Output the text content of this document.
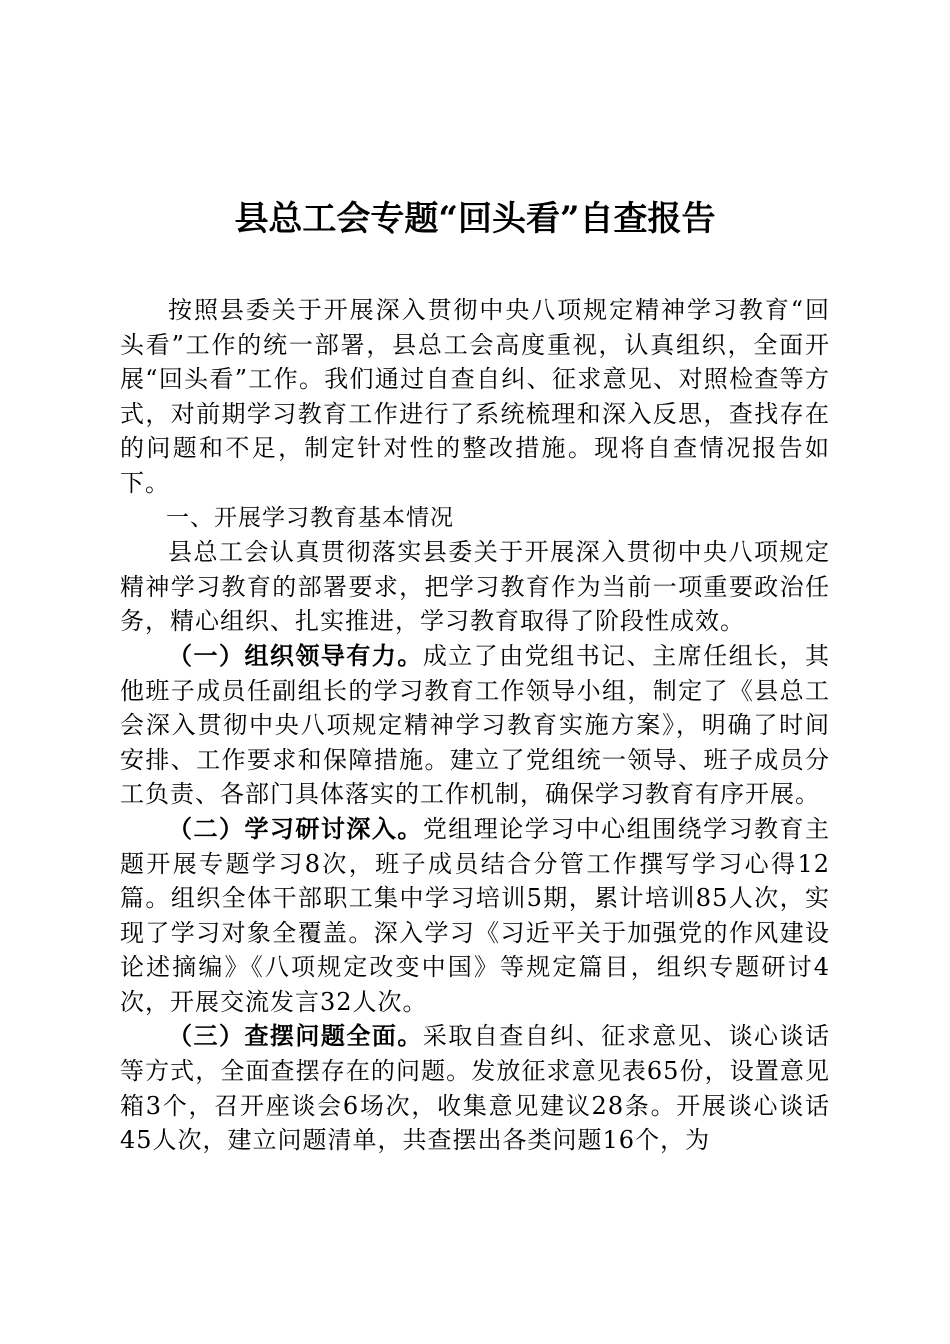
县总工会专题“回头看”自查报告

按照县委关于开展深入贯彻中央八项规定精神学习教育“回头看”工作的统一部署，县总工会高度重视，认真组织，全面开展“回头看”工作。我们通过自查自纠、征求意见、对照检查等方式，对前期学习教育工作进行了系统梳理和深入反思，查找存在的问题和不足，制定针对性的整改措施。现将自查情况报告如下。

一、开展学习教育基本情况

县总工会认真贯彻落实县委关于开展深入贯彻中央八项规定精神学习教育的部署要求，把学习教育作为当前一项重要政治任务，精心组织、扎实推进，学习教育取得了阶段性成效。

（一）组织领导有力。成立了由党组书记、主席任组长，其他班子成员任副组长的学习教育工作领导小组，制定了《县总工会深入贯彻中央八项规定精神学习教育实施方案》，明确了时间安排、工作要求和保障措施。建立了党组统一领导、班子成员分工负责、各部门具体落实的工作机制，确保学习教育有序开展。

（二）学习研讨深入。党组理论学习中心组围绕学习教育主题开展专题学习8次，班子成员结合分管工作撰写学习心得12篇。组织全体干部职工集中学习培训5期，累计培训85人次，实现了学习对象全覆盖。深入学习《习近平关于加强党的作风建设论述摘编》《八项规定改变中国》等规定篇目，组织专题研讨4次，开展交流发言32人次。

（三）查摆问题全面。采取自查自纠、征求意见、谈心谈话等方式，全面查摆存在的问题。发放征求意见表65份，设置意见箱3个，召开座谈会6场次，收集意见建议28条。开展谈心谈话45人次，建立问题清单，共查摆出各类问题16个，为
